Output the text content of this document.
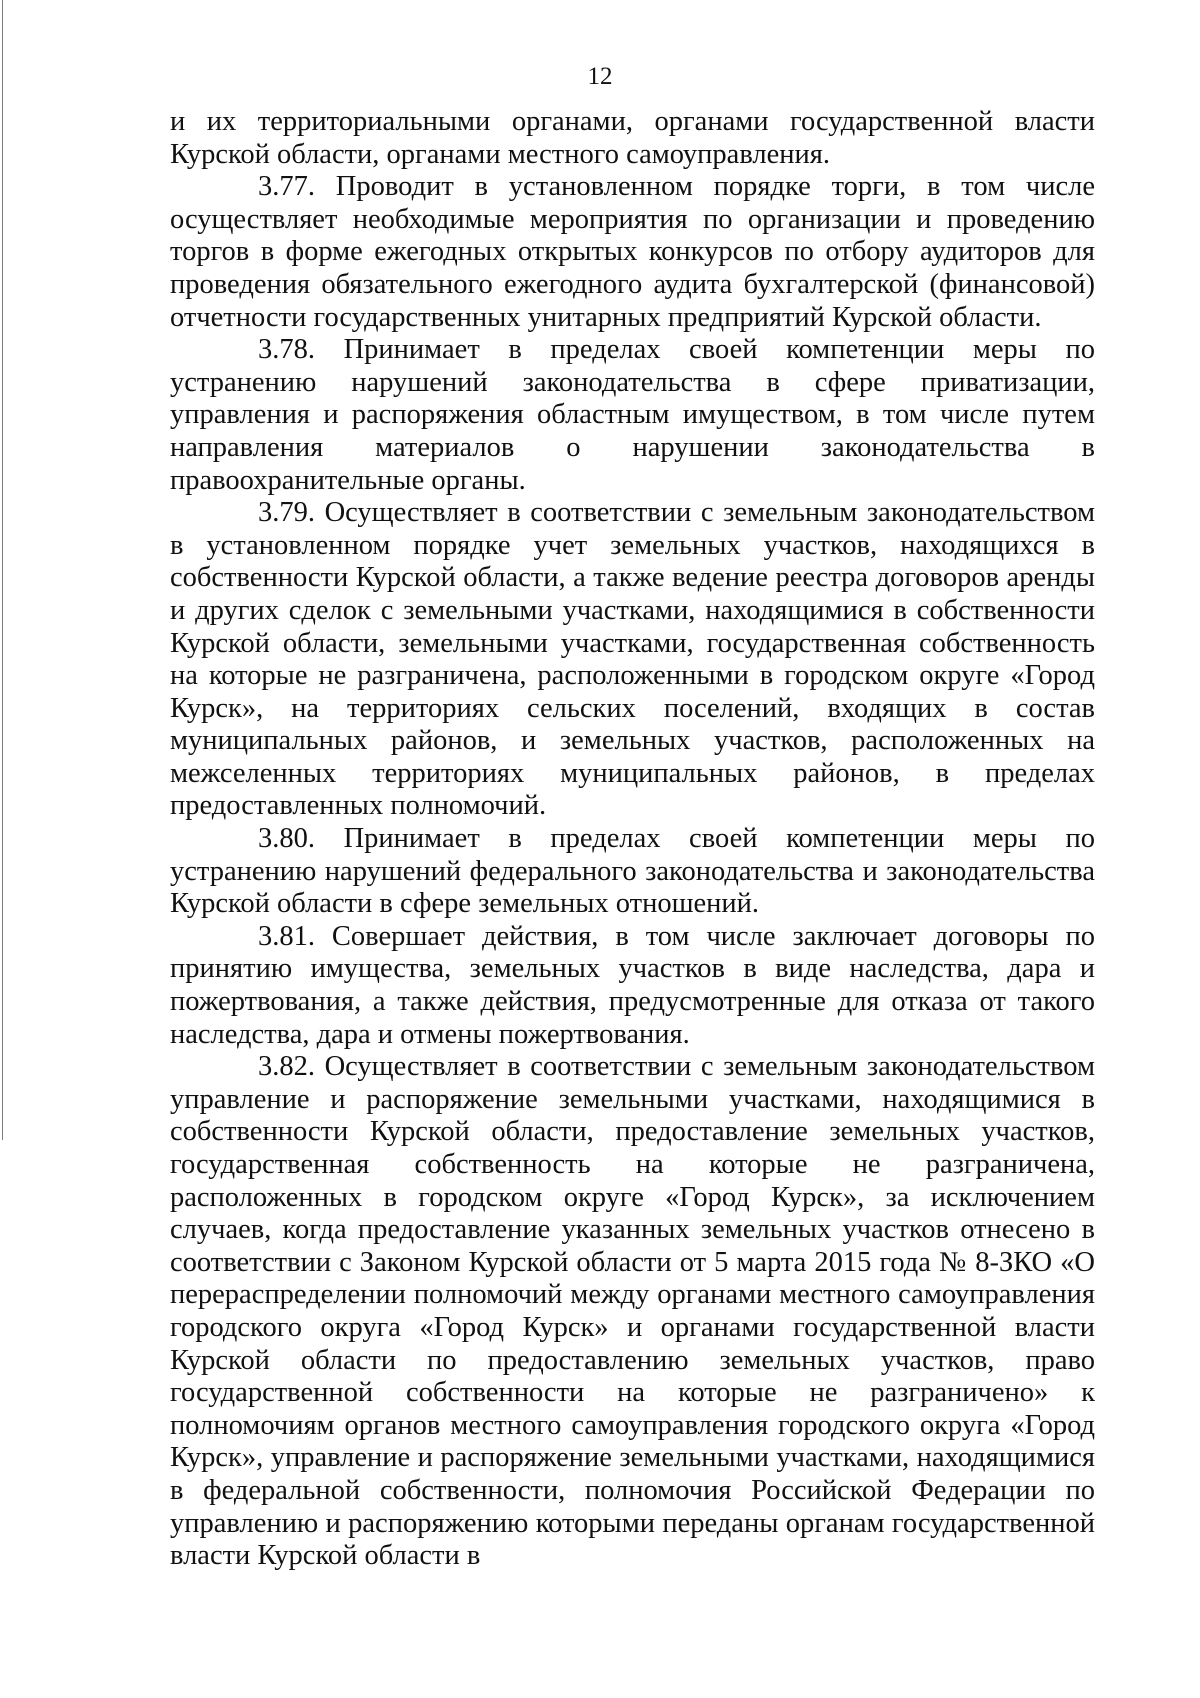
12

и их территориальными органами, органами государственной власти Курской области, органами местного самоуправления.

3.77. Проводит в установленном порядке торги, в том числе осуществляет необходимые мероприятия по организации и проведению торгов в форме ежегодных открытых конкурсов по отбору аудиторов для проведения обязательного ежегодного аудита бухгалтерской (финансовой) отчетности государственных унитарных предприятий Курской области.

3.78. Принимает в пределах своей компетенции меры по устранению нарушений законодательства в сфере приватизации, управления и распоряжения областным имуществом, в том числе путем направления материалов о нарушении законодательства в правоохранительные органы.

3.79. Осуществляет в соответствии с земельным законодательством в установленном порядке учет земельных участков, находящихся в собственности Курской области, а также ведение реестра договоров аренды и других сделок с земельными участками, находящимися в собственности Курской области, земельными участками, государственная собственность на которые не разграничена, расположенными в городском округе «Город Курск», на территориях сельских поселений, входящих в состав муниципальных районов, и земельных участков, расположенных на межселенных территориях муниципальных районов, в пределах предоставленных полномочий.

3.80. Принимает в пределах своей компетенции меры по устранению нарушений федерального законодательства и законодательства Курской области в сфере земельных отношений.

3.81. Совершает действия, в том числе заключает договоры по принятию имущества, земельных участков в виде наследства, дара и пожертвования, а также действия, предусмотренные для отказа от такого наследства, дара и отмены пожертвования.

3.82. Осуществляет в соответствии с земельным законодательством управление и распоряжение земельными участками, находящимися в собственности Курской области, предоставление земельных участков, государственная собственность на которые не разграничена, расположенных в городском округе «Город Курск», за исключением случаев, когда предоставление указанных земельных участков отнесено в соответствии с Законом Курской области от 5 марта 2015 года № 8-ЗКО «О перераспределении полномочий между органами местного самоуправления городского округа «Город Курск» и органами государственной власти Курской области по предоставлению земельных участков, право государственной собственности на которые не разграничено» к полномочиям органов местного самоуправления городского округа «Город Курск», управление и распоряжение земельными участками, находящимися в федеральной собственности, полномочия Российской Федерации по управлению и распоряжению которыми переданы органам государственной власти Курской области в
